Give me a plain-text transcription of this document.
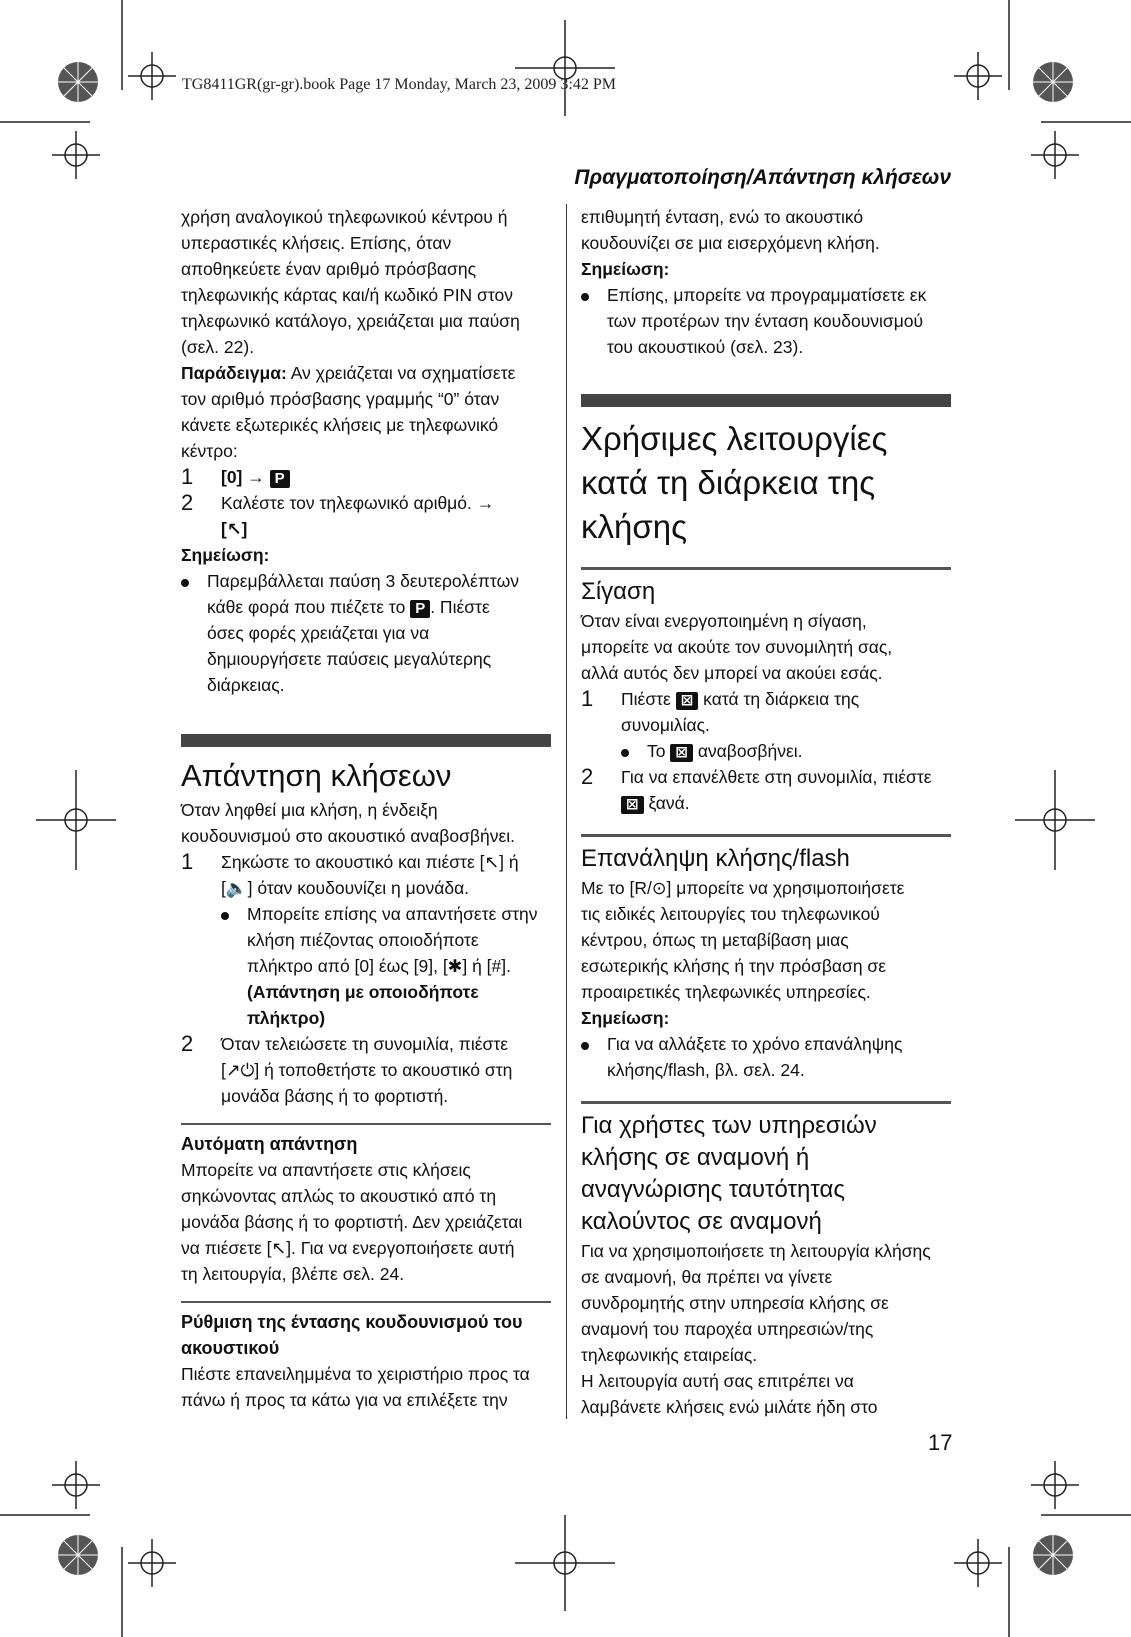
TG8411GR(gr-gr).book Page 17 Monday, March 23, 2009 3:42 PM
Πραγματοποίηση/Απάντηση κλήσεων

χρήση αναλογικού τηλεφωνικού κέντρου ή

υπεραστικές κλήσεις. Επίσης, όταν

αποθηκεύετε έναν αριθμό πρόσβασης

τηλεφωνικής κάρτας και/ή κωδικό PIN στον

τηλεφωνικό κατάλογο, χρειάζεται μια παύση

(σελ. 22).

Παράδειγμα: Αν χρειάζεται να σχηματίσετε

τον αριθμό πρόσβασης γραμμής “0” όταν

κάνετε εξωτερικές κλήσεις με τηλεφωνικό

κέντρο:

1	[0] → P
2	Καλέστε τον τηλεφωνικό αριθμό. →
[↖]

Σημείωση:

Παρεμβάλλεται παύση 3 δευτερολέπτων
κάθε φορά που πιέζετε το P . Πιέστε
όσες φορές χρειάζεται για να
δημιουργήσετε παύσεις μεγαλύτερης
διάρκειας.
Απάντηση κλήσεων

Όταν ληφθεί μια κλήση, η ένδειξη

κουδουνισμού στο ακουστικό αναβοσβήνει.

1	Σηκώστε το ακουστικό και πιέστε [↖] ή
[🔈] όταν κουδουνίζει η μονάδα.
Μπορείτε επίσης να απαντήσετε στην
κλήση πιέζοντας οποιοδήποτε
πλήκτρο από [0] έως [9], [✱] ή [#].
(Απάντηση με οποιοδήποτε
πλήκτρο)
2	Όταν τελειώσετε τη συνομιλία, πιέστε
[↗⏻] ή τοποθετήστε το ακουστικό στη
μονάδα βάσης ή το φορτιστή.
Αυτόματη απάντηση

Μπορείτε να απαντήσετε στις κλήσεις

σηκώνοντας απλώς το ακουστικό από τη

μονάδα βάσης ή το φορτιστή. Δεν χρειάζεται

να πιέσετε [↖]. Για να ενεργοποιήσετε αυτή

τη λειτουργία, βλέπε σελ. 24.

Ρύθμιση της έντασης κουδουνισμού του
ακουστικού

Πιέστε επανειλημμένα το χειριστήριο προς τα

πάνω ή προς τα κάτω για να επιλέξετε την

επιθυμητή ένταση, ενώ το ακουστικό

κουδουνίζει σε μια εισερχόμενη κλήση.

Σημείωση:

Επίσης, μπορείτε να προγραμματίσετε εκ
των προτέρων την ένταση κουδουνισμού
του ακουστικού (σελ. 23).
Χρήσιμες λειτουργίες
κατά τη διάρκεια της
κλήσης
Σίγαση

Όταν είναι ενεργοποιημένη η σίγαση,

μπορείτε να ακούτε τον συνομιλητή σας,

αλλά αυτός δεν μπορεί να ακούει εσάς.

1	Πιέστε ⊠ κατά τη διάρκεια της
συνομιλίας.
Το ⊠ αναβοσβήνει.
2	Για να επανέλθετε στη συνομιλία, πιέστε
⊠ ξανά.
Επανάληψη κλήσης/flash

Με το [R/⊙] μπορείτε να χρησιμοποιήσετε

τις ειδικές λειτουργίες του τηλεφωνικού

κέντρου, όπως τη μεταβίβαση μιας

εσωτερικής κλήσης ή την πρόσβαση σε

προαιρετικές τηλεφωνικές υπηρεσίες.

Σημείωση:

Για να αλλάξετε το χρόνο επανάληψης
κλήσης/flash, βλ. σελ. 24.
Για χρήστες των υπηρεσιών
κλήσης σε αναμονή ή
αναγνώρισης ταυτότητας
καλούντος σε αναμονή

Για να χρησιμοποιήσετε τη λειτουργία κλήσης

σε αναμονή, θα πρέπει να γίνετε

συνδρομητής στην υπηρεσία κλήσης σε

αναμονή του παροχέα υπηρεσιών/της

τηλεφωνικής εταιρείας.

Η λειτουργία αυτή σας επιτρέπει να

λαμβάνετε κλήσεις ενώ μιλάτε ήδη στο

17
